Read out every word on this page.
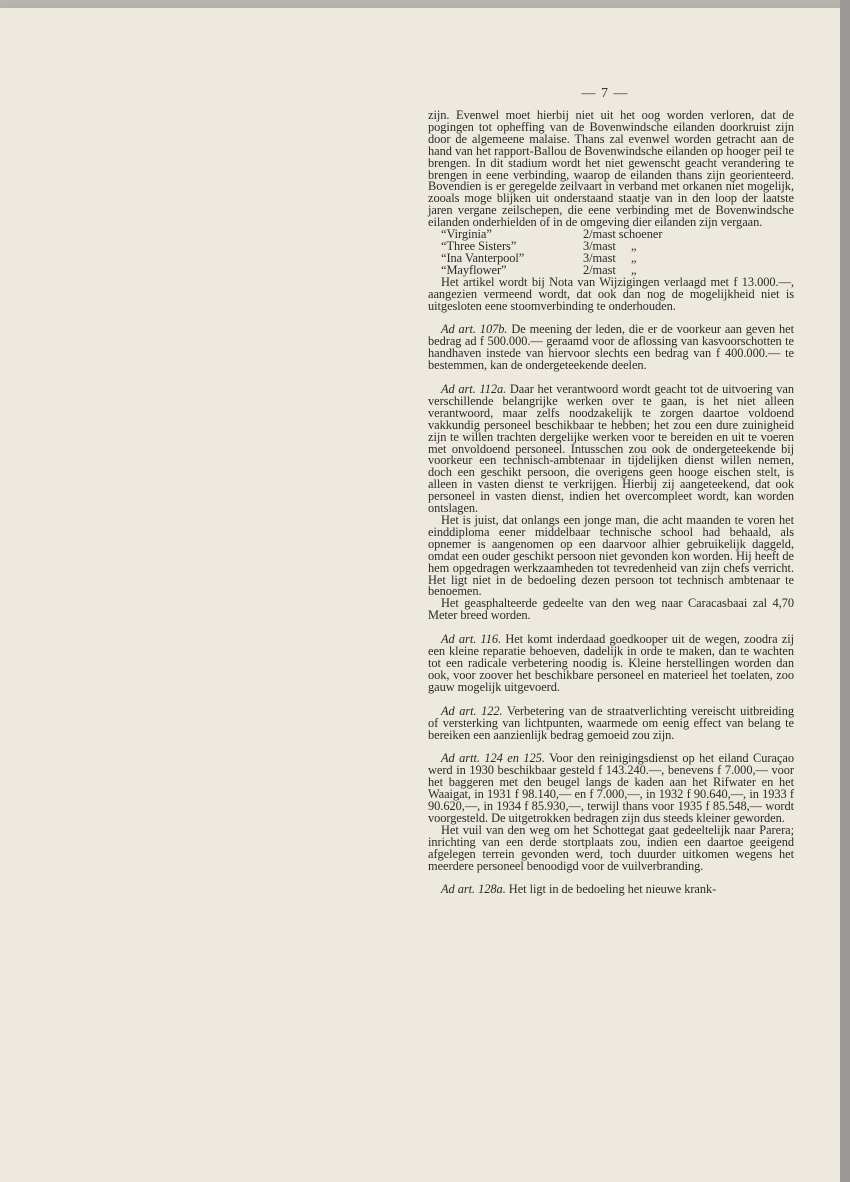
— 7 —

zijn. Evenwel moet hierbij niet uit het oog worden verloren, dat de pogingen tot opheffing van de Bovenwindsche eilanden doorkruist zijn door de algemeene malaise. Thans zal evenwel worden getracht aan de hand van het rapport-Ballou de Bovenwindsche eilanden op hooger peil te brengen. In dit stadium wordt het niet gewenscht geacht verandering te brengen in eene verbinding, waarop de eilanden thans zijn georienteerd. Bovendien is er geregelde zeilvaart in verband met orkanen niet mogelijk, zooals moge blijken uit onderstaand staatje van in den loop der laatste jaren vergane zeilschepen, die eene verbinding met de Bovenwindsche eilanden onderhielden of in de omgeving dier eilanden zijn vergaan.

“Virginia”	2/mast schoener
“Three Sisters”	3/mast     „
“Ina Vanterpool”	3/mast     „
“Mayflower”	2/mast     „

Het artikel wordt bij Nota van Wijzigingen verlaagd met f 13.000.—, aangezien vermeend wordt, dat ook dan nog de mogelijkheid niet is uitgesloten eene stoomverbinding te onderhouden.

Ad art. 107b. De meening der leden, die er de voorkeur aan geven het bedrag ad f 500.000.— geraamd voor de aflossing van kasvoorschotten te handhaven instede van hiervoor slechts een bedrag van f 400.000.— te bestemmen, kan de ondergeteekende deelen.

Ad art. 112a. Daar het verantwoord wordt geacht tot de uitvoering van verschillende belangrijke werken over te gaan, is het niet alleen verantwoord, maar zelfs noodzakelijk te zorgen daartoe voldoend vakkundig personeel beschikbaar te hebben; het zou een dure zuinigheid zijn te willen trachten dergelijke werken voor te bereiden en uit te voeren met onvoldoend personeel. Intusschen zou ook de ondergeteekende bij voorkeur een technisch-ambtenaar in tijdelijken dienst willen nemen, doch een geschikt persoon, die overigens geen hooge eischen stelt, is alleen in vasten dienst te verkrijgen. Hierbij zij aangeteekend, dat ook personeel in vasten dienst, indien het overcompleet wordt, kan worden ontslagen.

Het is juist, dat onlangs een jonge man, die acht maanden te voren het einddiploma eener middelbaar technische school had behaald, als opnemer is aangenomen op een daarvoor alhier gebruikelijk daggeld, omdat een ouder geschikt persoon niet gevonden kon worden. Hij heeft de hem opgedragen werkzaamheden tot tevredenheid van zijn chefs verricht. Het ligt niet in de bedoeling dezen persoon tot technisch ambtenaar te benoemen.

Het geasphalteerde gedeelte van den weg naar Caracasbaai zal 4,70 Meter breed worden.

Ad art. 116. Het komt inderdaad goedkooper uit de wegen, zoodra zij een kleine reparatie behoeven, dadelijk in orde te maken, dan te wachten tot een radicale verbetering noodig is. Kleine herstellingen worden dan ook, voor zoover het beschikbare personeel en materieel het toelaten, zoo gauw mogelijk uitgevoerd.

Ad art. 122. Verbetering van de straatverlichting vereischt uitbreiding of versterking van lichtpunten, waarmede om eenig effect van belang te bereiken een aanzienlijk bedrag gemoeid zou zijn.

Ad artt. 124 en 125. Voor den reinigingsdienst op het eiland Curaçao werd in 1930 beschikbaar gesteld f 143.240.—, benevens f 7.000,— voor het baggeren met den beugel langs de kaden aan het Rifwater en het Waaigat, in 1931 f 98.140,— en f 7.000,—, in 1932 f 90.640,—, in 1933 f 90.620,—, in 1934 f 85.930,—, terwijl thans voor 1935 f 85.548,— wordt voorgesteld. De uitgetrokken bedragen zijn dus steeds kleiner geworden.

Het vuil van den weg om het Schottegat gaat gedeeltelijk naar Parera; inrichting van een derde stortplaats zou, indien een daartoe geeigend afgelegen terrein gevonden werd, toch duurder uitkomen wegens het meerdere personeel benoodigd voor de vuilverbranding.

Ad art. 128a. Het ligt in de bedoeling het nieuwe krank-
